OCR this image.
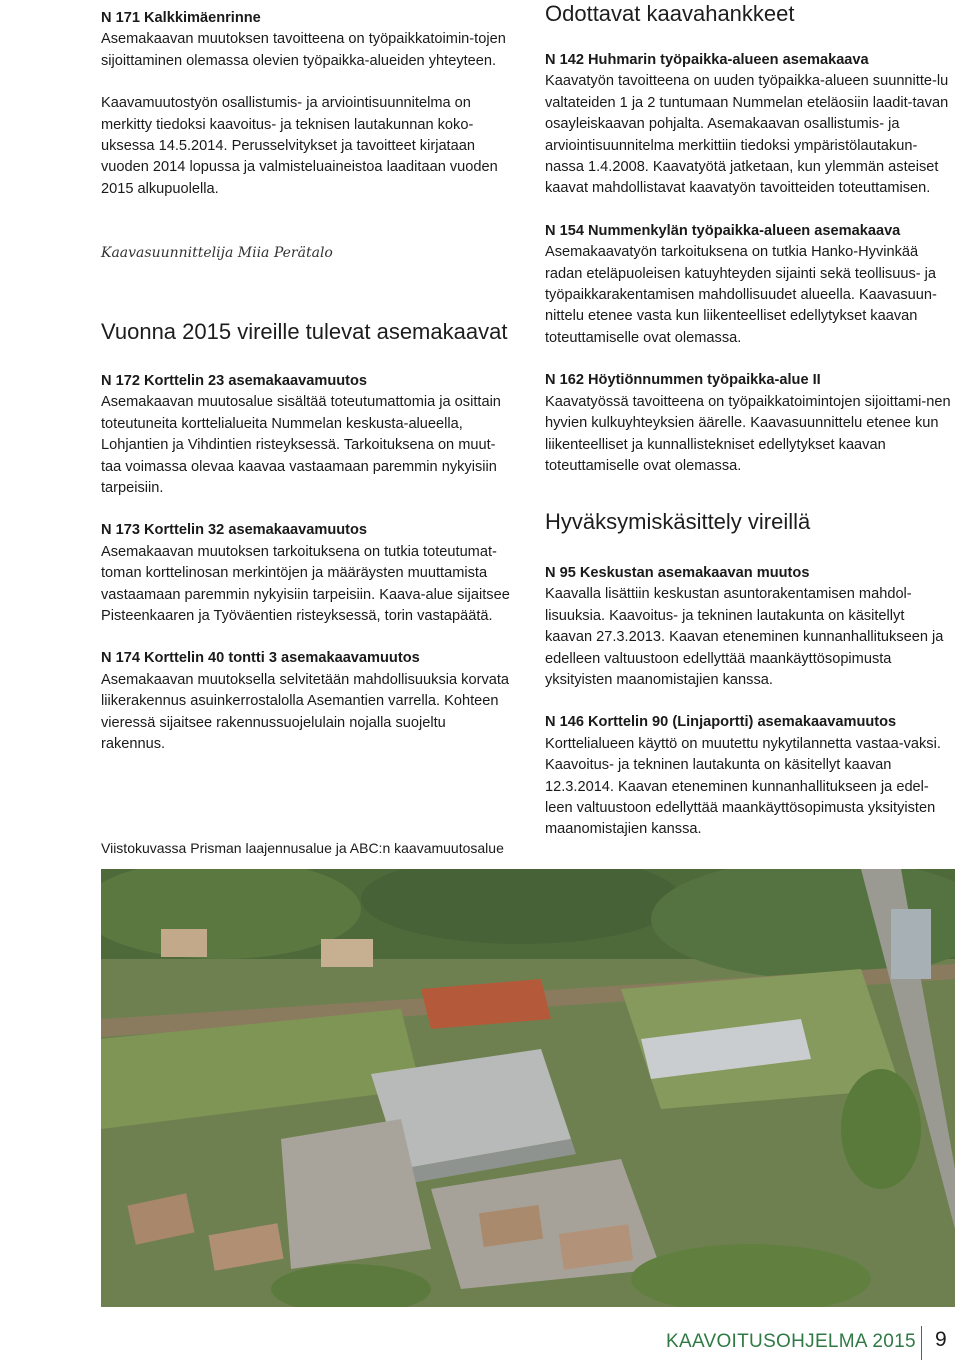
N 171 Kalkkimäenrinne

Asemakaavan muutoksen tavoitteena on työpaikkatoimin-tojen sijoittaminen olemassa olevien työpaikka-alueiden yhteyteen.

Kaavamuutostyön osallistumis- ja arviointisuunnitelma on merkitty tiedoksi kaavoitus- ja teknisen lautakunnan koko-uksessa 14.5.2014. Perusselvitykset ja tavoitteet kirjataan vuoden 2014 lopussa ja valmisteluaineistoa laaditaan vuoden 2015 alkupuolella.

Kaavasuunnittelija Miia Perätalo
Vuonna 2015 vireille tulevat asemakaavat

N 172 Korttelin 23 asemakaavamuutos

Asemakaavan muutosalue sisältää toteutumattomia ja osittain toteutuneita korttelialueita Nummelan keskusta-alueella, Lohjantien ja Vihdintien risteyksessä. Tarkoituksena on muut-taa voimassa olevaa kaavaa vastaamaan paremmin nykyisiin tarpeisiin.

N 173 Korttelin 32 asemakaavamuutos

Asemakaavan muutoksen tarkoituksena on tutkia toteutumat-toman korttelinosan merkintöjen ja määräysten muuttamista vastaamaan paremmin nykyisiin tarpeisiin. Kaava-alue sijaitsee Pisteenkaaren ja Työväentien risteyksessä, torin vastapäätä.

N 174 Korttelin 40 tontti 3 asemakaavamuutos

Asemakaavan muutoksella selvitetään mahdollisuuksia korvata liikerakennus asuinkerrostalolla Asemantien varrella. Kohteen vieressä sijaitsee rakennussuojelulain nojalla suojeltu rakennus.

Odottavat kaavahankkeet

N 142 Huhmarin työpaikka-alueen asemakaava

Kaavatyön tavoitteena on uuden työpaikka-alueen suunnitte-lu valtateiden 1 ja 2 tuntumaan Nummelan eteläosiin laadit-tavan osayleiskaavan pohjalta. Asemakaavan osallistumis- ja arviointisuunnitelma merkittiin tiedoksi ympäristölautakun-nassa 1.4.2008. Kaavatyötä jatketaan, kun ylemmän asteiset kaavat mahdollistavat kaavatyön tavoitteiden toteuttamisen.

N 154 Nummenkylän työpaikka-alueen asemakaava

Asemakaavatyön tarkoituksena on tutkia Hanko-Hyvinkää radan eteläpuoleisen katuyhteyden sijainti sekä teollisuus- ja työpaikkarakentamisen mahdollisuudet alueella. Kaavasuun-nittelu etenee vasta kun liikenteelliset edellytykset kaavan toteuttamiselle ovat olemassa.

N 162 Höytiönnummen työpaikka-alue II

Kaavatyössä tavoitteena on työpaikkatoimintojen sijoittami-nen hyvien kulkuyhteyksien äärelle. Kaavasuunnittelu etenee kun liikenteelliset ja kunnallistekniset edellytykset kaavan toteuttamiselle ovat olemassa.

Hyväksymiskäsittely vireillä

N 95 Keskustan asemakaavan muutos

Kaavalla lisättiin keskustan asuntorakentamisen mahdol-lisuuksia. Kaavoitus- ja tekninen lautakunta on käsitellyt kaavan 27.3.2013. Kaavan eteneminen kunnanhallitukseen ja edelleen valtuustoon edellyttää maankäyttösopimusta yksityisten maanomistajien kanssa.

N 146 Korttelin 90 (Linjaportti) asemakaavamuutos

Korttelialueen käyttö on muutettu nykytilannetta vastaa-vaksi. Kaavoitus- ja tekninen lautakunta on käsitellyt kaavan 12.3.2014. Kaavan eteneminen kunnanhallitukseen ja edel-leen valtuustoon edellyttää maankäyttösopimusta yksityisten maanomistajien kanssa.

Viistokuvassa Prisman laajennusalue ja ABC:n kaavamuutosalue
KAAVOITUSOHJELMA 2015 9
